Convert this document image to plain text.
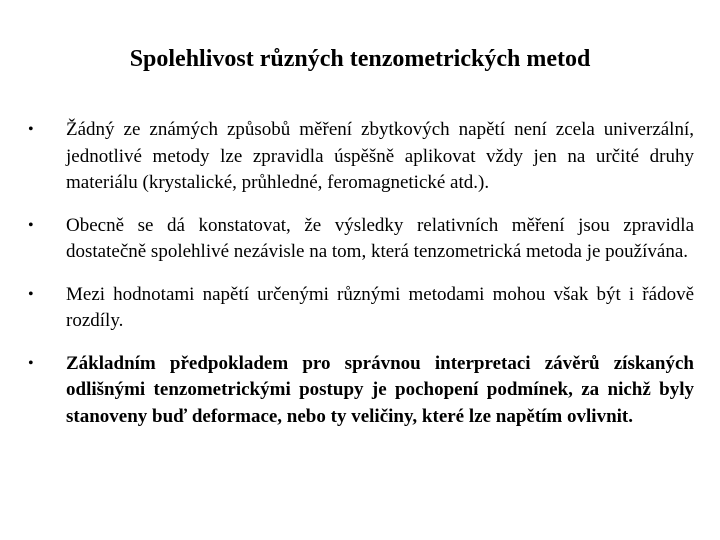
Spolehlivost různých tenzometrických metod
•	Žádný ze známých způsobů měření zbytkových napětí není zcela univerzální, jednotlivé metody lze zpravidla úspěšně aplikovat vždy jen na určité druhy materiálu (krystalické, průhledné, feromagnetické atd.).
•	Obecně se dá konstatovat, že výsledky relativních měření jsou zpravidla dostatečně spolehlivé nezávisle na tom, která tenzometrická metoda je používána.
•	Mezi hodnotami napětí určenými různými metodami mohou však být i řádově rozdíly.
•	Základním předpokladem pro správnou interpretaci závěrů získaných odlišnými tenzometrickými postupy je pochopení podmínek, za nichž byly stanoveny buď deformace, nebo ty veličiny, které lze napětím ovlivnit.
